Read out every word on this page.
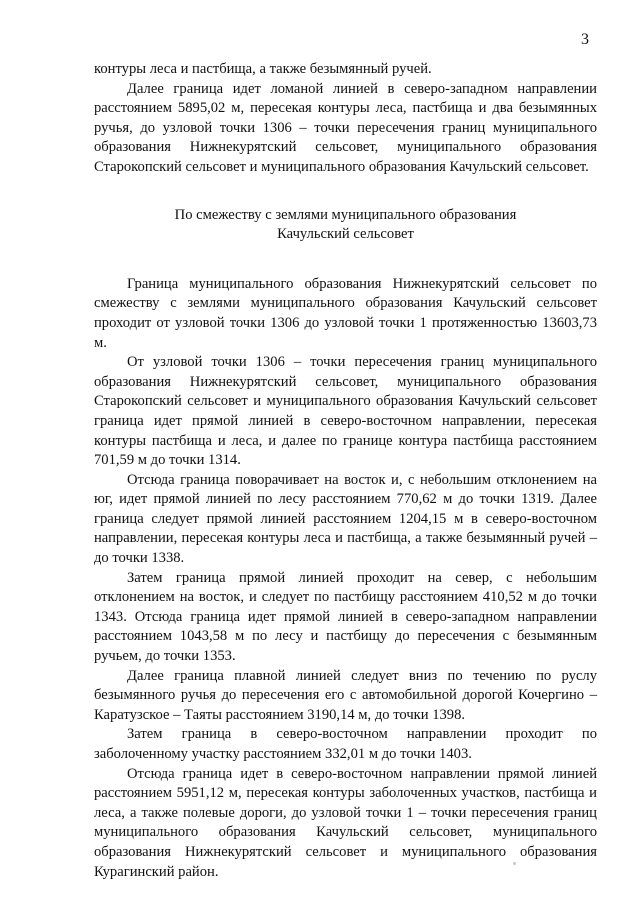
3

контуры леса и пастбища, а также безымянный ручей.

Далее граница идет ломаной линией в северо-западном направлении расстоянием 5895,02 м, пересекая контуры леса, пастбища и два безымянных ручья, до узловой точки 1306 – точки пересечения границ муниципального образования Нижнекурятский сельсовет, муниципального образования Старокопский сельсовет и муниципального образования Качульский сельсовет.

По смежеству с землями муниципального образования
Качульский сельсовет

Граница муниципального образования Нижнекурятский сельсовет по смежеству с землями муниципального образования Качульский сельсовет проходит от узловой точки 1306 до узловой точки 1 протяженностью 13603,73 м.

От узловой точки 1306 – точки пересечения границ муниципального образования Нижнекурятский сельсовет, муниципального образования Старокопский сельсовет и муниципального образования Качульский сельсовет граница идет прямой линией в северо-восточном направлении, пересекая контуры пастбища и леса, и далее по границе контура пастбища расстоянием 701,59 м до точки 1314.

Отсюда граница поворачивает на восток и, с небольшим отклонением на юг, идет прямой линией по лесу расстоянием 770,62 м до точки 1319. Далее граница следует прямой линией расстоянием 1204,15 м в северо-восточном направлении, пересекая контуры леса и пастбища, а также безымянный ручей – до точки 1338.

Затем граница прямой линией проходит на север, с небольшим отклонением на восток, и следует по пастбищу расстоянием 410,52 м до точки 1343. Отсюда граница идет прямой линией в северо-западном направлении расстоянием 1043,58 м по лесу и пастбищу до пересечения с безымянным ручьем, до точки 1353.

Далее граница плавной линией следует вниз по течению по руслу безымянного ручья до пересечения его с автомобильной дорогой Кочергино – Каратузское – Таяты расстоянием 3190,14 м, до точки 1398.

Затем граница в северо-восточном направлении проходит по заболоченному участку расстоянием 332,01 м до точки 1403.

Отсюда граница идет в северо-восточном направлении прямой линией расстоянием 5951,12 м, пересекая контуры заболоченных участков, пастбища и леса, а также полевые дороги, до узловой точки 1 – точки пересечения границ муниципального образования Качульский сельсовет, муниципального образования Нижнекурятский сельсовет и муниципального образования Курагинский район.
